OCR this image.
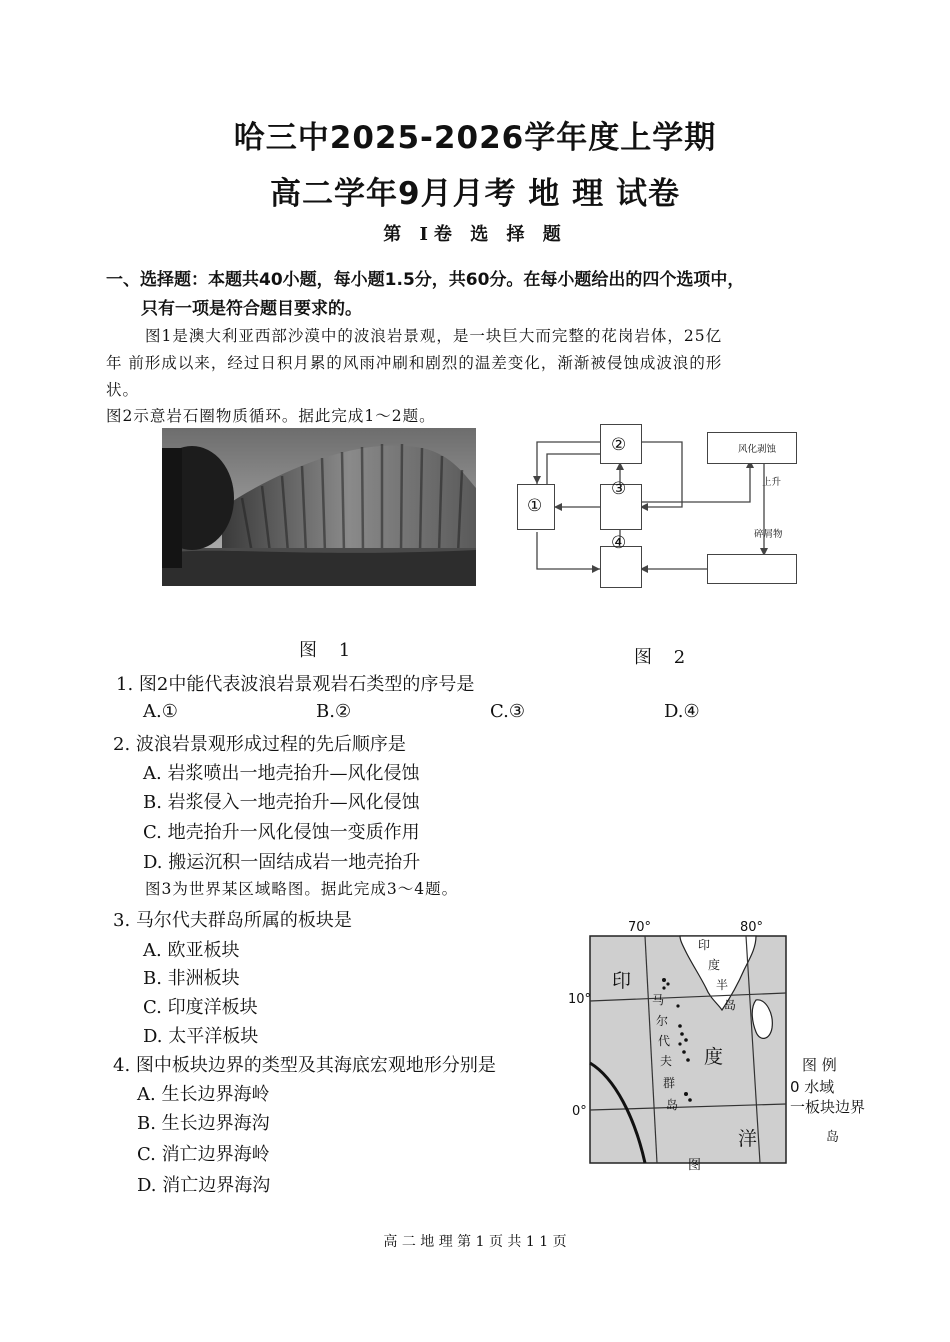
哈三中2025-2026学年度上学期
高二学年9月月考 地 理 试卷
第 I卷 选 择 题
一、选择题：本题共40小题，每小题1.5分，共60分。在每小题给出的四个选项中，
只有一项是符合题目要求的。
图1是澳大利亚西部沙漠中的波浪岩景观，是一块巨大而完整的花岗岩体，25亿
年 前形成以来，经过日积月累的风雨冲刷和剧烈的温差变化，渐渐被侵蚀成波浪的形
状。
图2示意岩石圈物质循环。据此完成1～2题。
图 1
①
②
③
④
风化剥蚀
上升
碎屑物
图 2
1. 图2中能代表波浪岩景观岩石类型的序号是
A.①	B.②	C.③	D.④
2. 波浪岩景观形成过程的先后顺序是
A. 岩浆喷出一地壳抬升—风化侵蚀
B. 岩浆侵入一地壳抬升—风化侵蚀
C. 地壳抬升一风化侵蚀一变质作用
D. 搬运沉积一固结成岩一地壳抬升
图3为世界某区域略图。据此完成3～4题。
3. 马尔代夫群岛所属的板块是
A. 欧亚板块
B. 非洲板块
C. 印度洋板块
D. 太平洋板块
4. 图中板块边界的类型及其海底宏观地形分别是
A. 生长边界海岭
B. 生长边界海沟
C. 消亡边界海岭
D. 消亡边界海沟
70°	80°
10°
0°
印
度
洋
印
度
半
岛
马
尔
代
夫
群
岛
图
图 例
0 水域
一板块边界
岛
高 二 地 理 第 1 页 共 1 1 页
